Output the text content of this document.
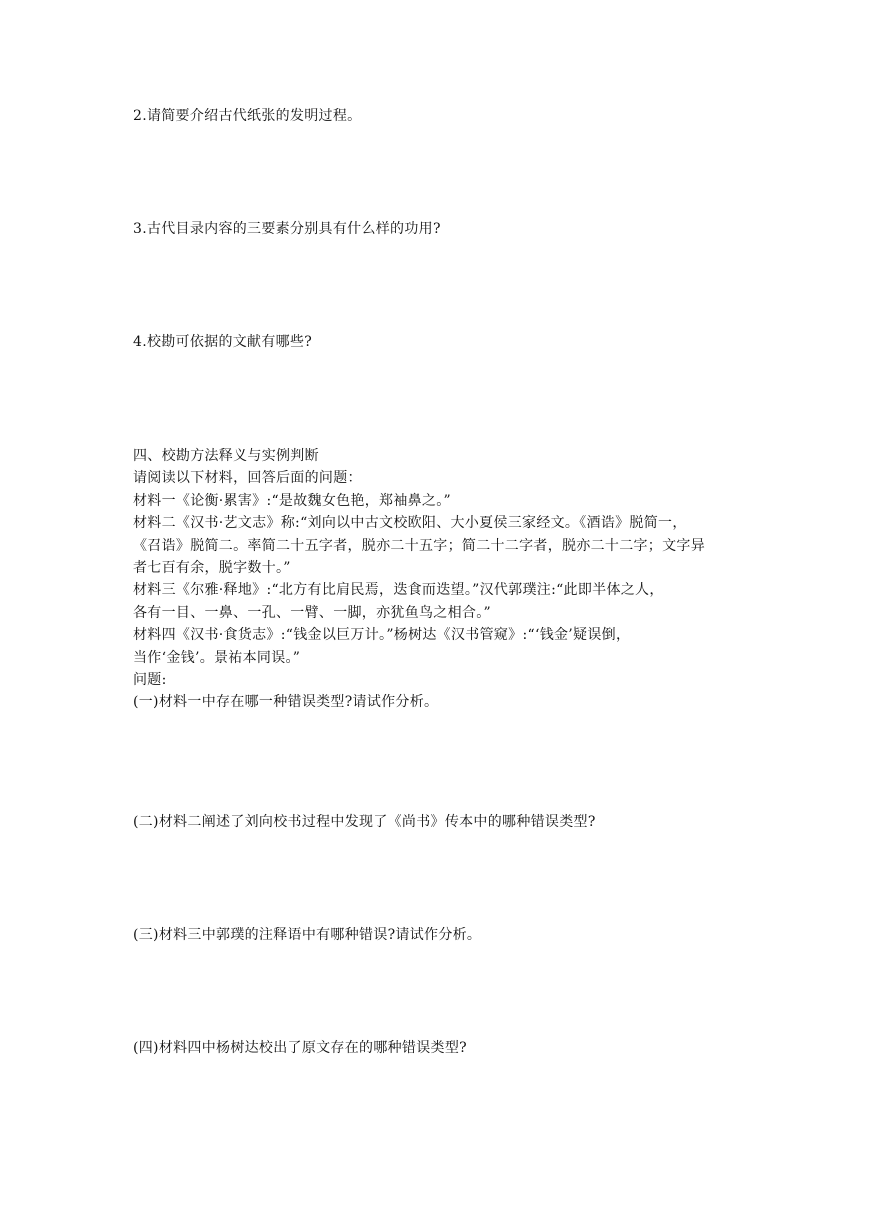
2.请简要介绍古代纸张的发明过程。
3.古代目录内容的三要素分别具有什么样的功用?
4.校勘可依据的文献有哪些?
四、校勘方法释义与实例判断
请阅读以下材料，回答后面的问题：
材料一《论衡·累害》:“是故魏女色艳，郑袖鼻之。”
材料二《汉书·艺文志》称:“刘向以中古文校欧阳、大小夏侯三家经文。《酒诰》脱简一，
《召诰》脱简二。率简二十五字者，脱亦二十五字；简二十二字者，脱亦二十二字；文字异
者七百有余，脱字数十。”
材料三《尔雅·释地》:“北方有比肩民焉，迭食而迭望。”汉代郭璞注:“此即半体之人，
各有一目、一鼻、一孔、一臂、一脚，亦犹鱼鸟之相合。”
材料四《汉书·食货志》:“钱金以巨万计。”杨树达《汉书管窥》:“‘钱金’疑误倒，
当作‘金钱’。景祐本同误。”
问题:
(一)材料一中存在哪一种错误类型?请试作分析。
(二)材料二阐述了刘向校书过程中发现了《尚书》传本中的哪种错误类型?
(三)材料三中郭璞的注释语中有哪种错误?请试作分析。
(四)材料四中杨树达校出了原文存在的哪种错误类型?
